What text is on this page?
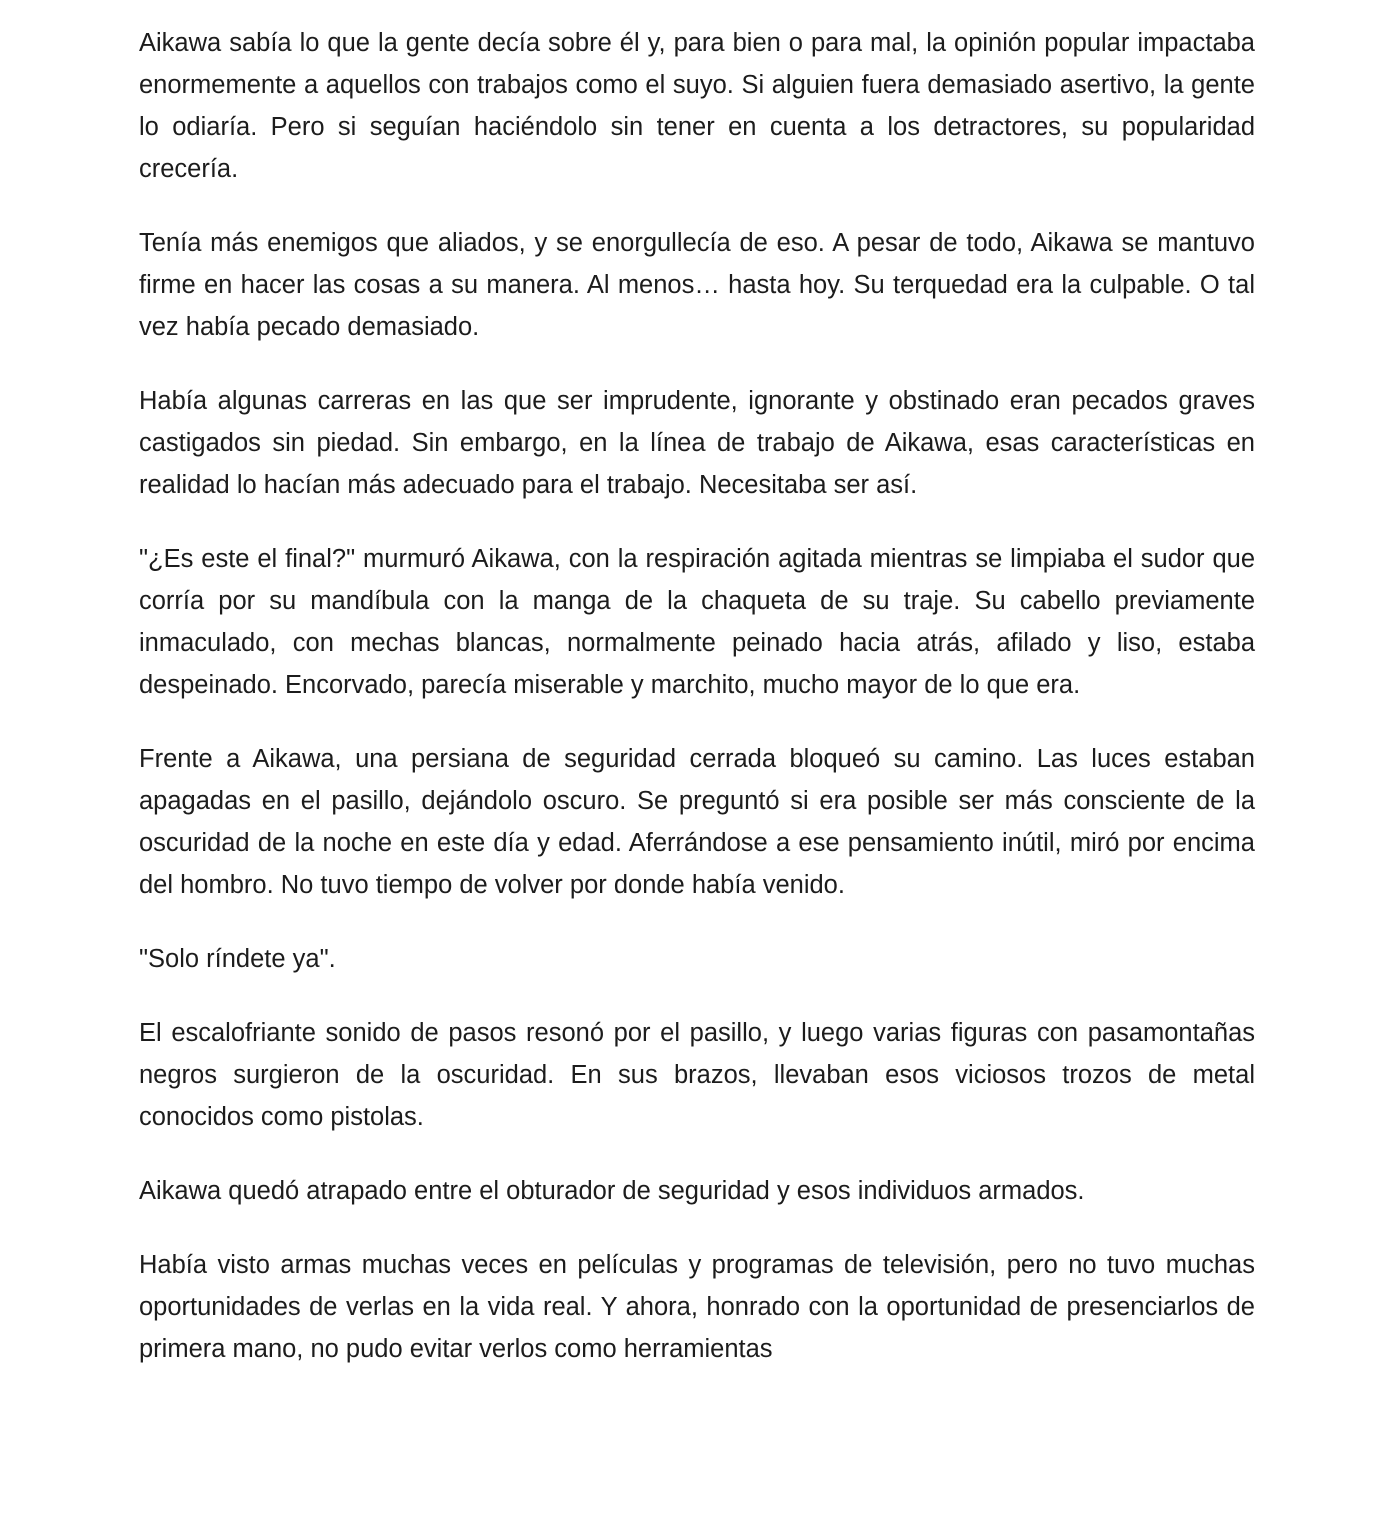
Aikawa sabía lo que la gente decía sobre él y, para bien o para mal, la opinión popular impactaba enormemente a aquellos con trabajos como el suyo. Si alguien fuera demasiado asertivo, la gente lo odiaría. Pero si seguían haciéndolo sin tener en cuenta a los detractores, su popularidad crecería.

Tenía más enemigos que aliados, y se enorgullecía de eso. A pesar de todo, Aikawa se mantuvo firme en hacer las cosas a su manera. Al menos… hasta hoy. Su terquedad era la culpable. O tal vez había pecado demasiado.

Había algunas carreras en las que ser imprudente, ignorante y obstinado eran pecados graves castigados sin piedad. Sin embargo, en la línea de trabajo de Aikawa, esas características en realidad lo hacían más adecuado para el trabajo. Necesitaba ser así.

"¿Es este el final?" murmuró Aikawa, con la respiración agitada mientras se limpiaba el sudor que corría por su mandíbula con la manga de la chaqueta de su traje. Su cabello previamente inmaculado, con mechas blancas, normalmente peinado hacia atrás, afilado y liso, estaba despeinado. Encorvado, parecía miserable y marchito, mucho mayor de lo que era.

Frente a Aikawa, una persiana de seguridad cerrada bloqueó su camino. Las luces estaban apagadas en el pasillo, dejándolo oscuro. Se preguntó si era posible ser más consciente de la oscuridad de la noche en este día y edad. Aferrándose a ese pensamiento inútil, miró por encima del hombro. No tuvo tiempo de volver por donde había venido.

"Solo ríndete ya".

El escalofriante sonido de pasos resonó por el pasillo, y luego varias figuras con pasamontañas negros surgieron de la oscuridad. En sus brazos, llevaban esos viciosos trozos de metal conocidos como pistolas.

Aikawa quedó atrapado entre el obturador de seguridad y esos individuos armados.

Había visto armas muchas veces en películas y programas de televisión, pero no tuvo muchas oportunidades de verlas en la vida real. Y ahora, honrado con la oportunidad de presenciarlos de primera mano, no pudo evitar verlos como herramientas
